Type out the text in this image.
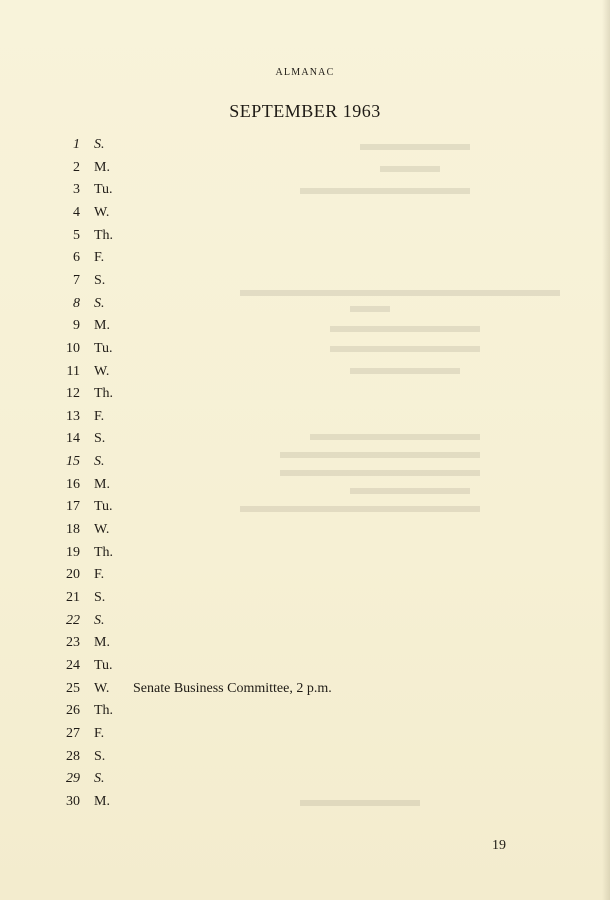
ALMANAC
SEPTEMBER 1963
1 S.
2 M.
3 Tu.
4 W.
5 Th.
6 F.
7 S.
8 S.
9 M.
10 Tu.
11 W.
12 Th.
13 F.
14 S.
15 S.
16 M.
17 Tu.
18 W.
19 Th.
20 F.
21 S.
22 S.
23 M.
24 Tu.
25 W. Senate Business Committee, 2 p.m.
26 Th.
27 F.
28 S.
29 S.
30 M.
19
